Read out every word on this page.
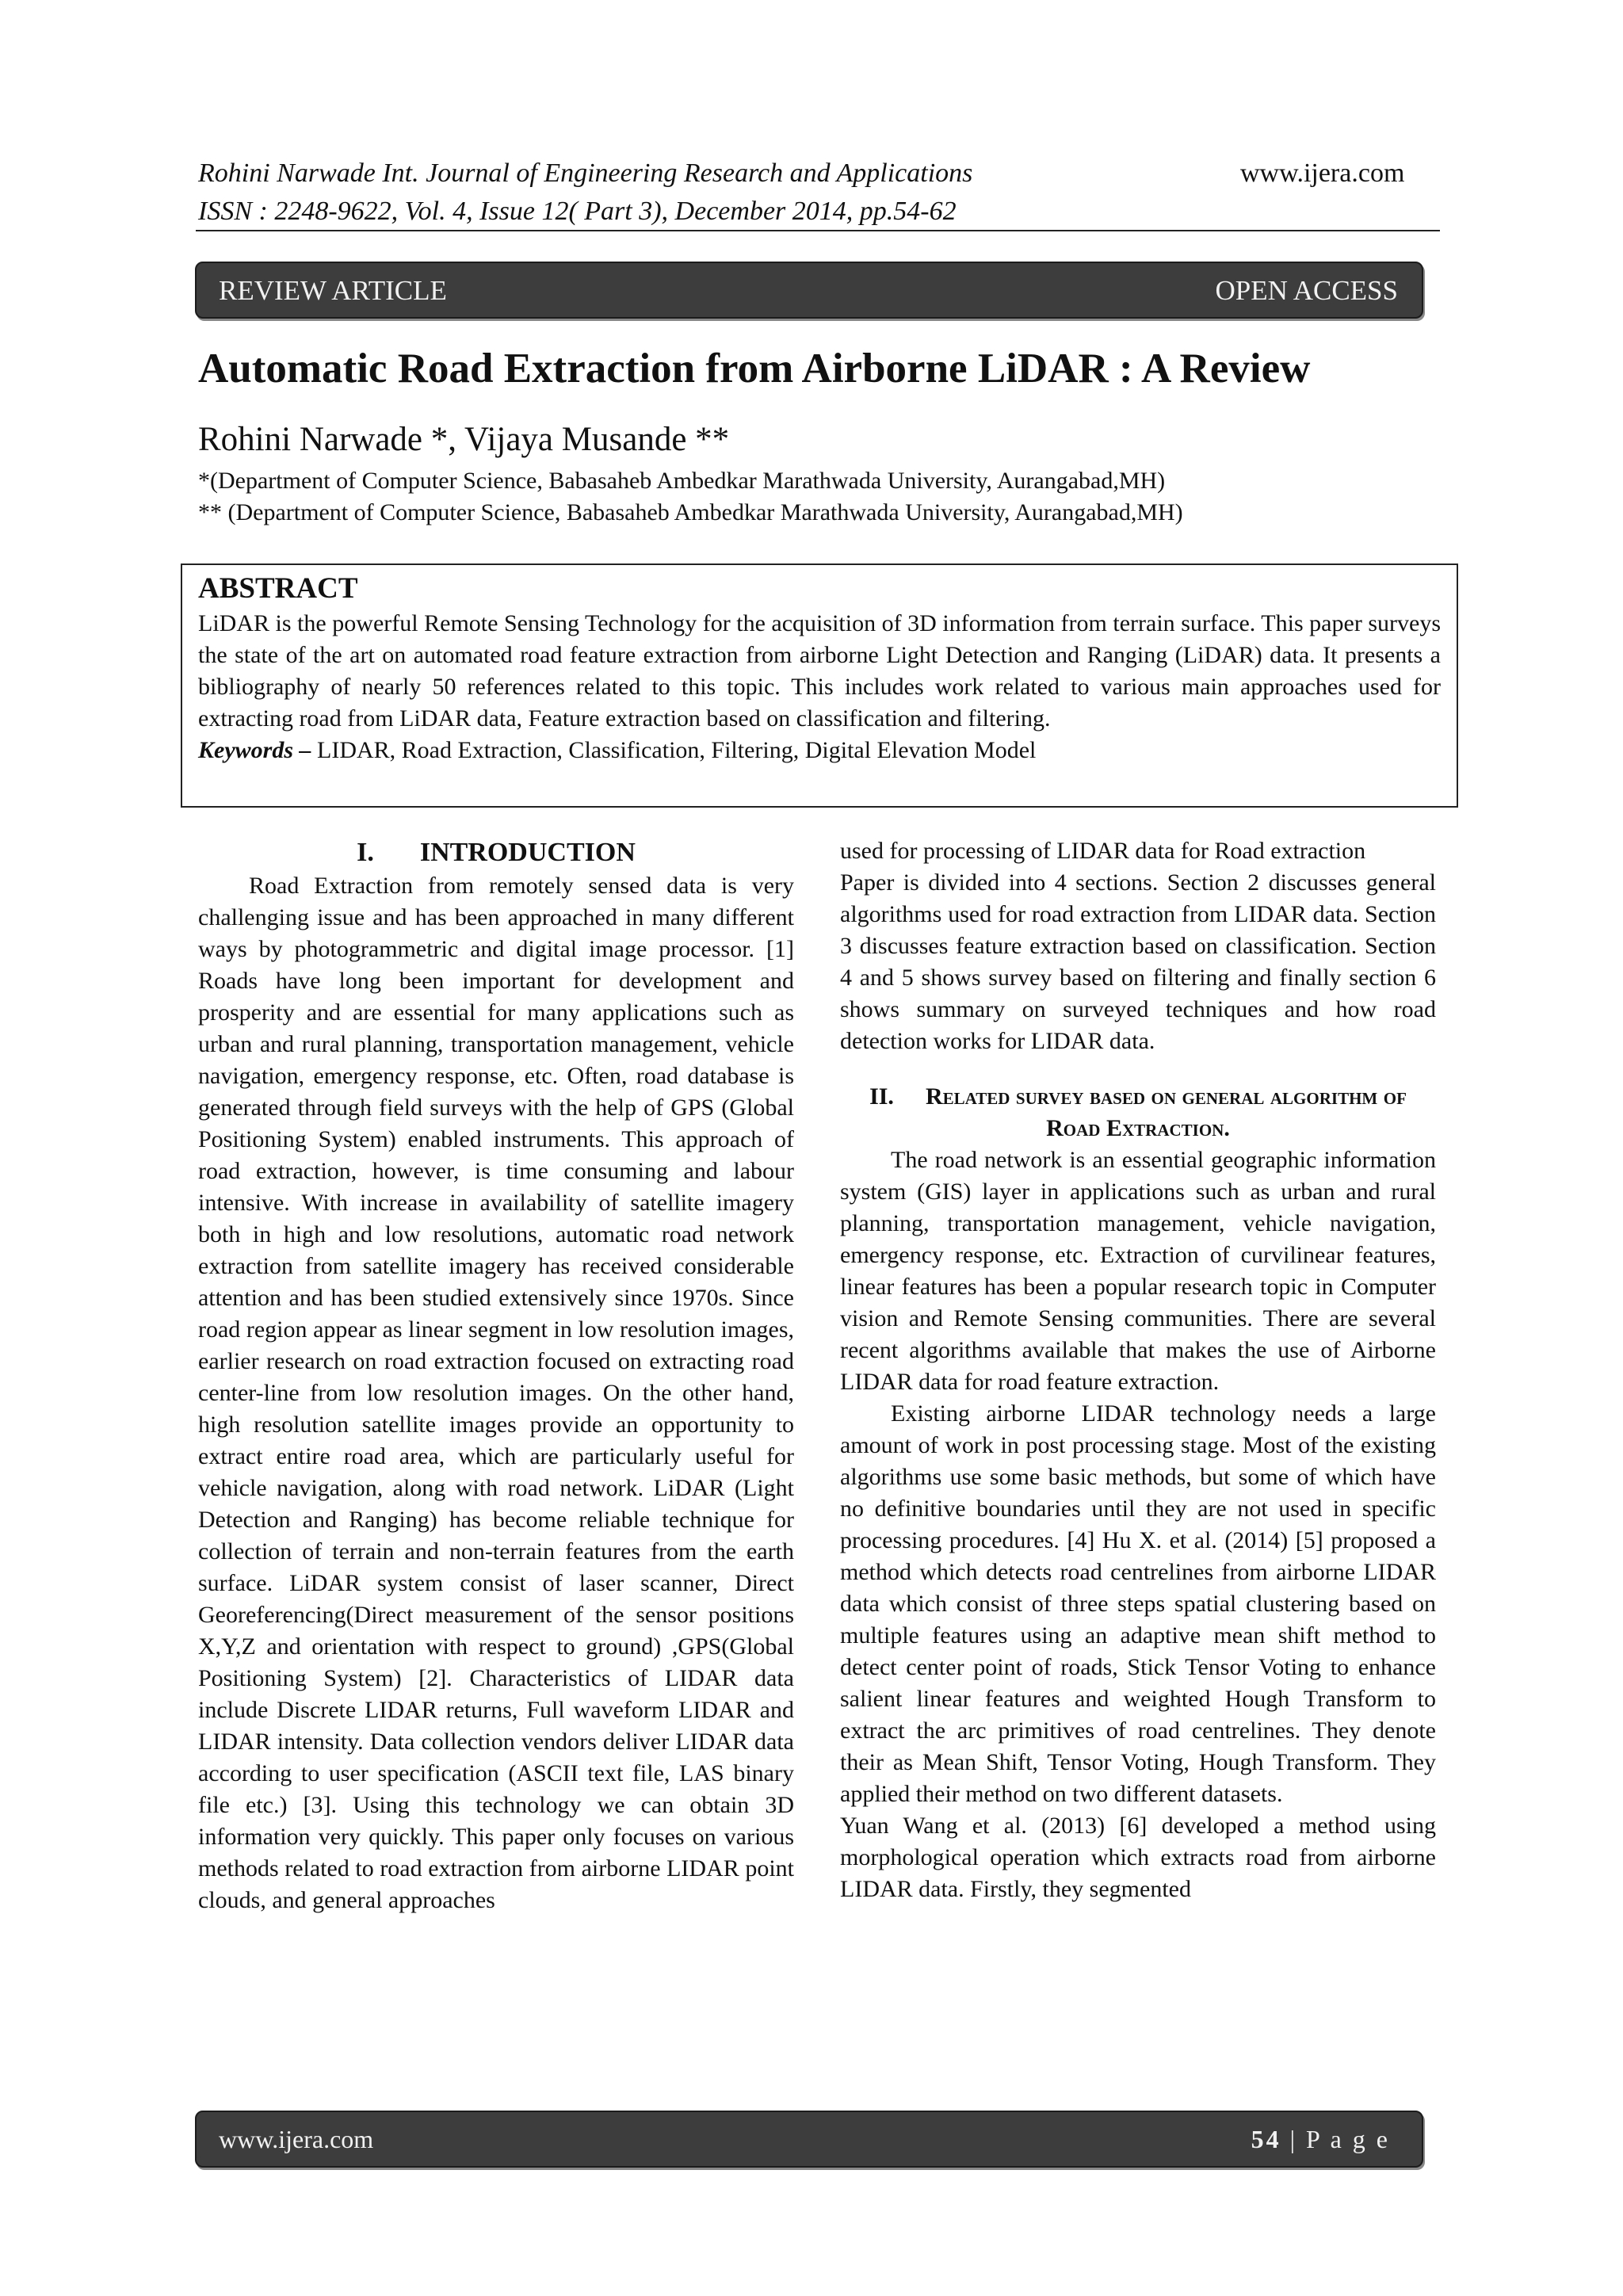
Rohini Narwade Int. Journal of Engineering Research and Applications
ISSN : 2248-9622, Vol. 4, Issue 12( Part 3), December 2014, pp.54-62
www.ijera.com
REVIEW ARTICLE	OPEN ACCESS
Automatic Road Extraction from Airborne LiDAR : A Review
Rohini Narwade *, Vijaya Musande **
*(Department of Computer Science, Babasaheb Ambedkar Marathwada University, Aurangabad,MH)
** (Department of Computer Science, Babasaheb Ambedkar Marathwada University, Aurangabad,MH)
ABSTRACT

LiDAR is the powerful Remote Sensing Technology for the acquisition of 3D information from terrain surface. This paper surveys the state of the art on automated road feature extraction from airborne Light Detection and Ranging (LiDAR) data. It presents a bibliography of nearly 50 references related to this topic. This includes work related to various main approaches used for extracting road from LiDAR data, Feature extraction based on classification and filtering.

Keywords – LIDAR, Road Extraction, Classification, Filtering, Digital Elevation Model

I. INTRODUCTION

Road Extraction from remotely sensed data is very challenging issue and has been approached in many different ways by photogrammetric and digital image processor. [1] Roads have long been important for development and prosperity and are essential for many applications such as urban and rural planning, transportation management, vehicle navigation, emergency response, etc. Often, road database is generated through field surveys with the help of GPS (Global Positioning System) enabled instruments. This approach of road extraction, however, is time consuming and labour intensive. With increase in availability of satellite imagery both in high and low resolutions, automatic road network extraction from satellite imagery has received considerable attention and has been studied extensively since 1970s. Since road region appear as linear segment in low resolution images, earlier research on road extraction focused on extracting road center-line from low resolution images. On the other hand, high resolution satellite images provide an opportunity to extract entire road area, which are particularly useful for vehicle navigation, along with road network. LiDAR (Light Detection and Ranging) has become reliable technique for collection of terrain and non-terrain features from the earth surface. LiDAR system consist of laser scanner, Direct Georeferencing(Direct measurement of the sensor positions X,Y,Z and orientation with respect to ground) ,GPS(Global Positioning System) [2]. Characteristics of LIDAR data include Discrete LIDAR returns, Full waveform LIDAR and LIDAR intensity. Data collection vendors deliver LIDAR data according to user specification (ASCII text file, LAS binary file etc.) [3]. Using this technology we can obtain 3D information very quickly. This paper only focuses on various methods related to road extraction from airborne LIDAR point clouds, and general approaches

used for processing of LIDAR data for Road extraction

Paper is divided into 4 sections. Section 2 discusses general algorithms used for road extraction from LIDAR data. Section 3 discusses feature extraction based on classification. Section 4 and 5 shows survey based on filtering and finally section 6 shows summary on surveyed techniques and how road detection works for LIDAR data.

II. Related survey based on general algorithm of Road Extraction.

The road network is an essential geographic information system (GIS) layer in applications such as urban and rural planning, transportation management, vehicle navigation, emergency response, etc. Extraction of curvilinear features, linear features has been a popular research topic in Computer vision and Remote Sensing communities. There are several recent algorithms available that makes the use of Airborne LIDAR data for road feature extraction.

Existing airborne LIDAR technology needs a large amount of work in post processing stage. Most of the existing algorithms use some basic methods, but some of which have no definitive boundaries until they are not used in specific processing procedures. [4] Hu X. et al. (2014) [5] proposed a method which detects road centrelines from airborne LIDAR data which consist of three steps spatial clustering based on multiple features using an adaptive mean shift method to detect center point of roads, Stick Tensor Voting to enhance salient linear features and weighted Hough Transform to extract the arc primitives of road centrelines. They denote their as Mean Shift, Tensor Voting, Hough Transform. They applied their method on two different datasets.

Yuan Wang et al. (2013) [6] developed a method using morphological operation which extracts road from airborne LIDAR data. Firstly, they segmented

www.ijera.com	54 | P a g e
